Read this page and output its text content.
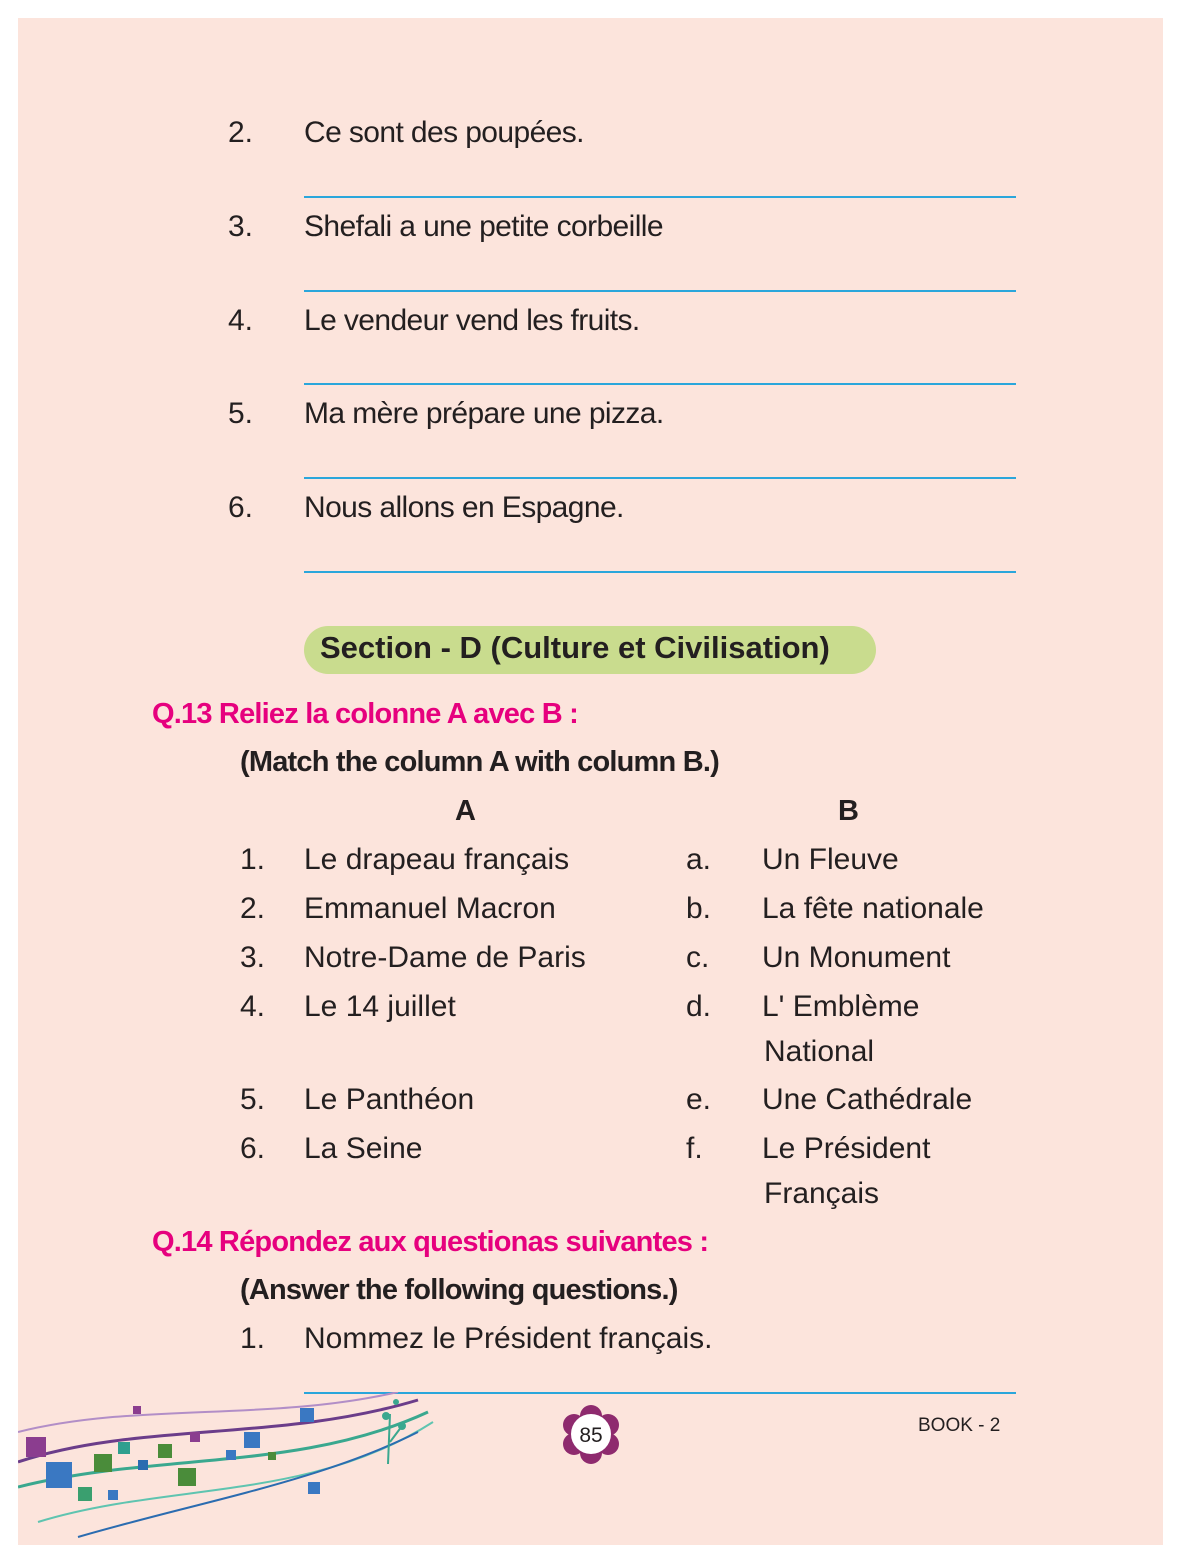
2. Ce sont des poupées.
3. Shefali a une petite corbeille
4. Le vendeur vend les fruits.
5. Ma mère prépare une pizza.
6. Nous allons en Espagne.
Section - D (Culture et Civilisation)
Q.13 Reliez la colonne A avec B :
(Match the column A with column B.)
A	B
1. Le drapeau français
2. Emmanuel Macron
3. Notre-Dame de Paris
4. Le 14 juillet
5. Le Panthéon
6. La Seine
a. Un Fleuve
b. La fête nationale
c. Un Monument
d. L' Emblème
National
e. Une Cathédrale
f. Le Président
Français
Q.14 Répondez aux questionas suivantes :
(Answer the following questions.)
1. Nommez le Président français.
85	BOOK - 2
